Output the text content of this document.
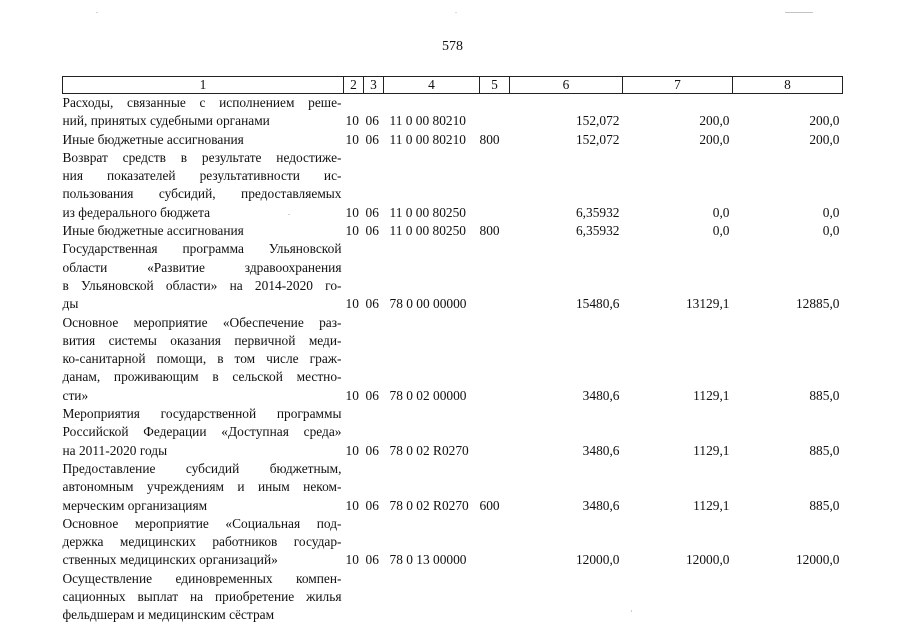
578
1	2	3	4	5	6	7	8

Расходы, связанные с исполнением реше-
ний, принятых судебными органами	10	06	11 0 00 80210		152,072	200,0	200,0

Иные бюджетные ассигнования	10	06	11 0 00 80210	800	152,072	200,0	200,0

Возврат средств в результате недостиже-
ния показателей результативности ис-
пользования субсидий, предоставляемых
из федерального бюджета	10	06	11 0 00 80250		6,35932	0,0	0,0

Иные бюджетные ассигнования	10	06	11 0 00 80250	800	6,35932	0,0	0,0

Государственная программа Ульяновской
области «Развитие здравоохранения
в Ульяновской области» на 2014-2020 го-
ды	10	06	78 0 00 00000		15480,6	13129,1	12885,0

Основное мероприятие «Обеспечение раз-
вития системы оказания первичной меди-
ко-санитарной помощи, в том числе граж-
данам, проживающим в сельской местно-
сти»	10	06	78 0 02 00000		3480,6	1129,1	885,0

Мероприятия государственной программы
Российской Федерации «Доступная среда»
на 2011-2020 годы	10	06	78 0 02 R0270		3480,6	1129,1	885,0

Предоставление субсидий бюджетным,
автономным учреждениям и иным неком-
мерческим организациям	10	06	78 0 02 R0270	600	3480,6	1129,1	885,0

Основное мероприятие «Социальная под-
держка медицинских работников государ-
ственных медицинских организаций»	10	06	78 0 13 00000		12000,0	12000,0	12000,0

Осуществление единовременных компен-
сационных выплат на приобретение жилья
фельдшерам и медицинским сёстрам							
